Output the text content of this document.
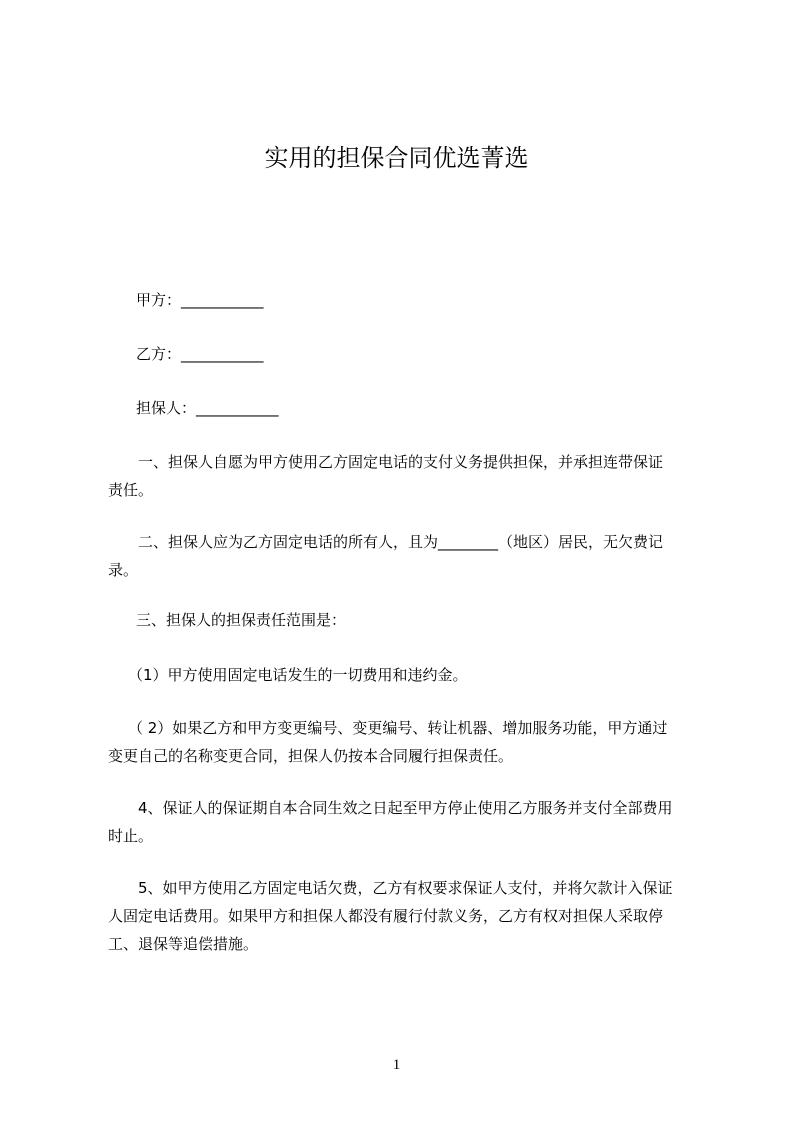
实用的担保合同优选菁选
甲方：___________
乙方：___________
担保人：___________
一、担保人自愿为甲方使用乙方固定电话的支付义务提供担保，并承担连带保证
责任。
二、担保人应为乙方固定电话的所有人，且为________（地区）居民，无欠费记
录。
三、担保人的担保责任范围是：
（1）甲方使用固定电话发生的一切费用和违约金。
（ 2）如果乙方和甲方变更编号、变更编号、转让机器、增加服务功能，甲方通过
变更自己的名称变更合同，担保人仍按本合同履行担保责任。
4、保证人的保证期自本合同生效之日起至甲方停止使用乙方服务并支付全部费用
时止。
5、如甲方使用乙方固定电话欠费，乙方有权要求保证人支付，并将欠款计入保证
人固定电话费用。如果甲方和担保人都没有履行付款义务，乙方有权对担保人采取停
工、退保等追偿措施。
1
